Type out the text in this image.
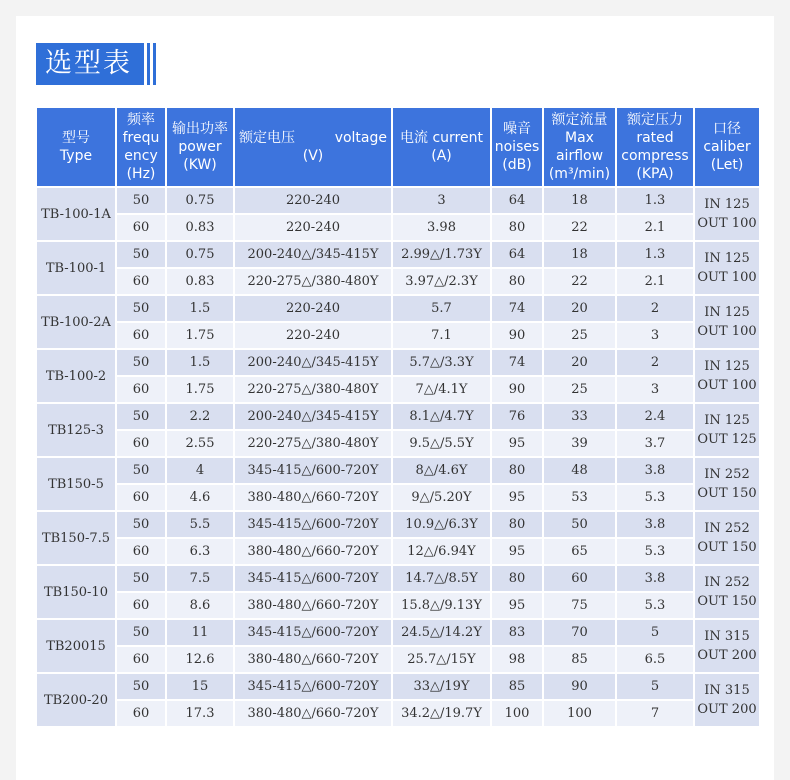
选型表
型号
Type	频率
frequ
ency
(Hz)	输出功率
power
(KW)	额定电压 voltage
(V)	电流 current
(A)	噪音
noises
(dB)	额定流量
Max
airflow
(m³/min)	额定压力
rated
compress
(KPA)	口径
caliber
(Let)

TB-100-1A	50	0.75	220-240	3	64	18	1.3	IN 125
OUT 100

	60	0.83	220-240	3.98	80	22	2.1	
TB-100-1	50	0.75	200-240△/345-415Y	2.99△/1.73Y	64	18	1.3	IN 125
OUT 100

	60	0.83	220-275△/380-480Y	3.97△/2.3Y	80	22	2.1	
TB-100-2A	50	1.5	220-240	5.7	74	20	2	IN 125
OUT 100

	60	1.75	220-240	7.1	90	25	3	
TB-100-2	50	1.5	200-240△/345-415Y	5.7△/3.3Y	74	20	2	IN 125
OUT 100

	60	1.75	220-275△/380-480Y	7△/4.1Y	90	25	3	
TB125-3	50	2.2	200-240△/345-415Y	8.1△/4.7Y	76	33	2.4	IN 125
OUT 125

	60	2.55	220-275△/380-480Y	9.5△/5.5Y	95	39	3.7	
TB150-5	50	4	345-415△/600-720Y	8△/4.6Y	80	48	3.8	IN 252
OUT 150

	60	4.6	380-480△/660-720Y	9△/5.20Y	95	53	5.3	
TB150-7.5	50	5.5	345-415△/600-720Y	10.9△/6.3Y	80	50	3.8	IN 252
OUT 150

	60	6.3	380-480△/660-720Y	12△/6.94Y	95	65	5.3	
TB150-10	50	7.5	345-415△/600-720Y	14.7△/8.5Y	80	60	3.8	IN 252
OUT 150

	60	8.6	380-480△/660-720Y	15.8△/9.13Y	95	75	5.3	
TB20015	50	11	345-415△/600-720Y	24.5△/14.2Y	83	70	5	IN 315
OUT 200

	60	12.6	380-480△/660-720Y	25.7△/15Y	98	85	6.5	
TB200-20	50	15	345-415△/600-720Y	33△/19Y	85	90	5	IN 315
OUT 200

	60	17.3	380-480△/660-720Y	34.2△/19.7Y	100	100	7	
